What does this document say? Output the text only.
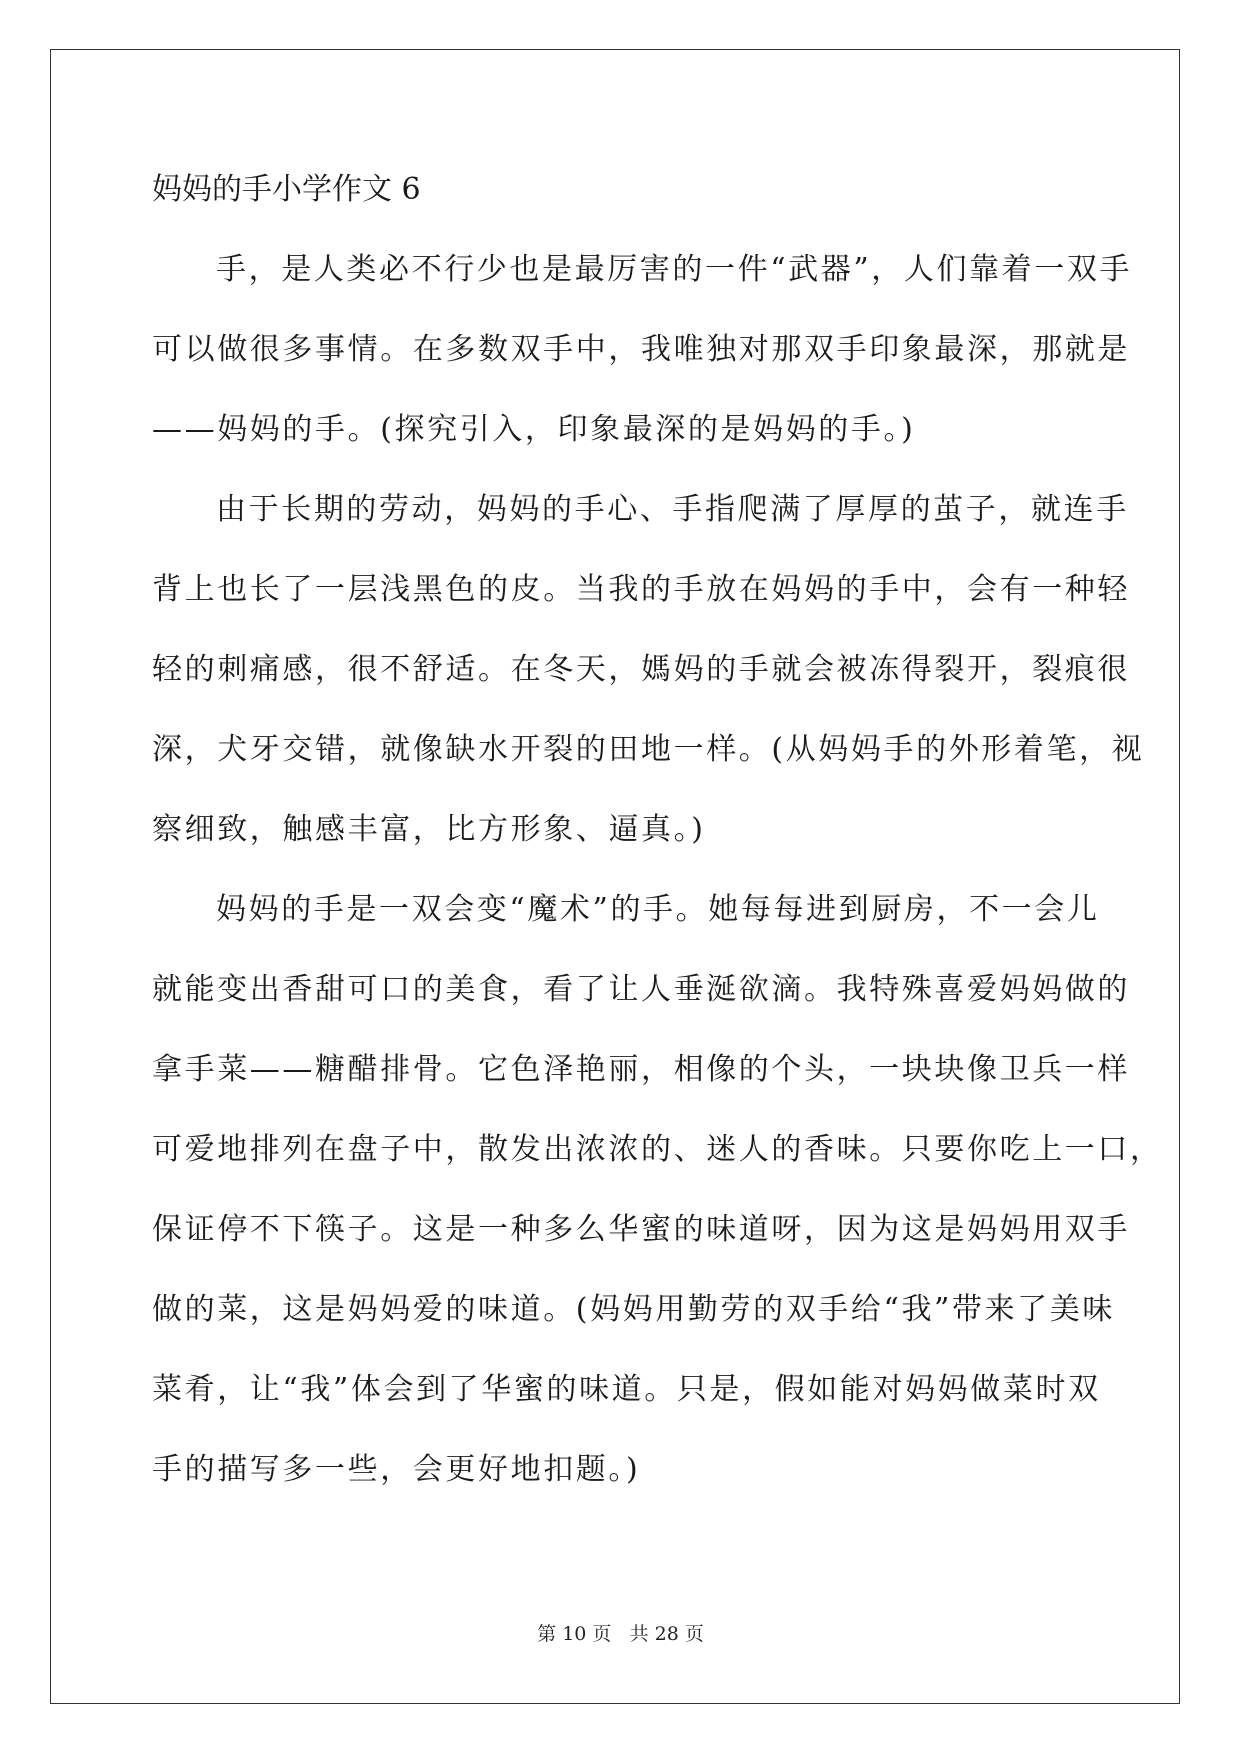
妈妈的手小学作文 6

手，是人类必不行少也是最厉害的一件“武器”，人们靠着一双手

可以做很多事情。在多数双手中，我唯独对那双手印象最深，那就是

——妈妈的手。(探究引入，印象最深的是妈妈的手。)

由于长期的劳动，妈妈的手心、手指爬满了厚厚的茧子，就连手

背上也长了一层浅黑色的皮。当我的手放在妈妈的手中，会有一种轻

轻的刺痛感，很不舒适。在冬天，媽妈的手就会被冻得裂开，裂痕很

深，犬牙交错，就像缺水开裂的田地一样。(从妈妈手的外形着笔，视

察细致，触感丰富，比方形象、逼真。)

妈妈的手是一双会变“魔术”的手。她每每进到厨房，不一会儿

就能变出香甜可口的美食，看了让人垂涎欲滴。我特殊喜爱妈妈做的

拿手菜——糖醋排骨。它色泽艳丽，相像的个头，一块块像卫兵一样

可爱地排列在盘子中，散发出浓浓的、迷人的香味。只要你吃上一口，

保证停不下筷子。这是一种多么华蜜的味道呀，因为这是妈妈用双手

做的菜，这是妈妈爱的味道。(妈妈用勤劳的双手给“我”带来了美味

菜肴，让“我”体会到了华蜜的味道。只是，假如能对妈妈做菜时双

手的描写多一些，会更好地扣题。)

第 10 页 共 28 页
